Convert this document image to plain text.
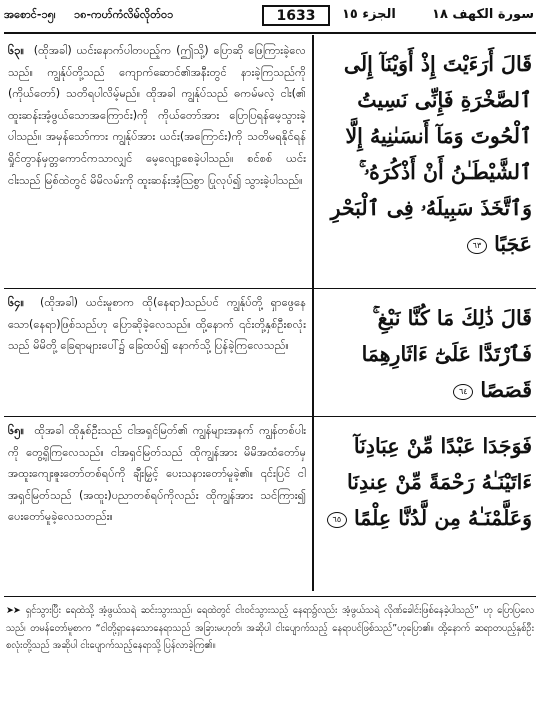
အစောင်-၁၅၊ ၁၈-ကဟ်ကံလိမ်လိုတ်ဝ၁	1633	الجزء ١٥	سورة الكهف ١٨

၆၃။ (ထိုအခါ) ယင်းနောက်ပါတပည့်က (ဤသို့) ပြောဆို ဖြေကြားခဲ့လေသည်။ ကျွန်ုပ်တို့သည် ကျောက်ဆောင်၏အနီးတွင် နားခဲ့ကြသည်ကို (ကိုယ်တော်) သတိရပါလိမ့်မည်။ ထိုအခါ ကျွန်ုပ်သည် ဓကမ်မလဲ့ ငါး(၏ ထူးဆန်းအံ့ဖွယ်သောအကြောင်း)ကို ကိုယ်တော်အား ပြောပြရန်မေ့သွားခဲ့ပါသည်။ အမှန်သော်ကား ကျွန်ုပ်အား ယင်း(အကြောင်း)ကို သတိမရနိုင်ရန် ရှိုင်တွာန်မှတ္တကောင်ကသာလျှင် မေ့လျော့စေခဲ့ပါသည်။ စင်စစ် ယင်းငါးသည် မြစ်ထဲတွင် မိမိလမ်းကို ထူးဆန်းအံ့ဩစွာ ပြုလုပ်၍ သွားခဲ့ပါသည်။

قَالَ أَرَءَيْتَ إِذْ أَوَيْنَآ إِلَى ٱلصَّخْرَةِ فَإِنِّى نَسِيتُ ٱلْحُوتَ وَمَآ أَنسَىٰنِيهُ إِلَّا ٱلشَّيْطَـٰنُ أَنْ أَذْكُرَهُۥ ۚ وَٱتَّخَذَ سَبِيلَهُۥ فِى ٱلْبَحْرِ عَجَبًا ٦٣

၆၄။ (ထိုအခါ) ယင်းမူစာက ထို(နေရာ)သည်ပင် ကျွန်ုပ်တို့ ရှာဖွေနေသော(နေရာ)ဖြစ်သည်ဟု ပြောဆိုခဲ့လေသည်။ ထို့နောက် ၎င်းတို့နှစ်ဦးစလုံးသည် မိမိတို့ ခြေရာများပေါ်၌ ခြေထပ်၍ နောက်သို့ ပြန်ခဲ့ကြလေသည်။

قَالَ ذَٰلِكَ مَا كُنَّا نَبْغِ ۚ فَٱرْتَدَّا عَلَىٰٓ ءَاثَارِهِمَا قَصَصًا ٦٤

၆၅။ ထိုအခါ ထိုနှစ်ဦးသည် ငါအရှင်မြတ်၏ ကျွန်များအနက် ကျွန်တစ်ပါးကို တွေ့ရှိကြလေသည်။ ငါအရှင်မြတ်သည် ထိုကျွန်အား မိမိအထံတော်မှ အထူးကျေးဇူးတော်တစ်ရပ်ကို ချီးမြှင့် ပေးသနားတော်မူခဲ့၏။ ၎င်းပြင် ငါအရှင်မြတ်သည် (အထူး)ပညာတစ်ရပ်ကိုလည်း ထိုကျွန်အား သင်ကြား၍ ပေးတော်မူခဲ့လေသတည်း။

فَوَجَدَا عَبْدًا مِّنْ عِبَادِنَآ ءَاتَيْنَـٰهُ رَحْمَةً مِّنْ عِندِنَا وَعَلَّمْنَـٰهُ مِن لَّدُنَّا عِلْمًا ٦٥

➤➤ ရှင်သွားပြီး ရေထဲသို့ အံ့ဖွယ်သရဲ ဆင်းသွားသည်၊ ရေထဲတွင် ငါးဝင်သွားသည့် နေရာ၌လည်း အံ့ဖွယ်သရဲ လိုဏ်ခေါင်းဖြစ်နေခဲ့ပါသည်” ဟု ပြောပြလေသည်၊ တမန်တော်မူစာက “ငါတို့ရှာနေသောနေရာသည် အခြားမဟုတ်၊ အဆိုပါ ငါးပျောက်သည့် နေရာပင်ဖြစ်သည်”ဟုပြော၏။ ထို့နောက် ဆရာတပည့်နှစ်ဦးစလုံးတို့သည် အဆိုပါ ငါးပျောက်သည့်နေရာသို့ ပြန်လာခဲ့ကြ၏။
